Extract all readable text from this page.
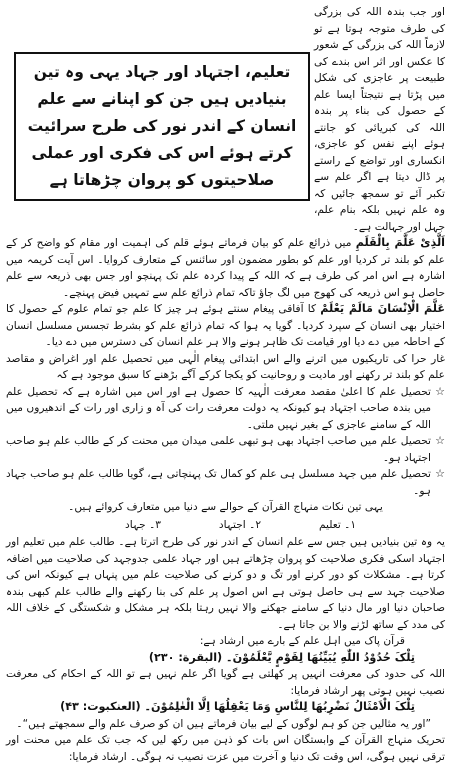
تعلیم، اجتہاد اور جہاد یہی وہ تین بنیادیں ہیں جن کو اپنانے سے علم انسان کے اندر نور کی طرح سرائیت کرتے ہوئے اس کی فکری اور عملی صلاحیتوں کو پروان چڑھاتا ہے

اور جب بندہ اللہ کی بزرگی کی طرف متوجہ ہوتا ہے تو لازماً اللہ کی بزرگی کے شعور کا عکس اور اثر اس بندے کی طبیعت پر عاجزی کی شکل میں پڑتا ہے نتیجتاً ایسا علم کے حصول کی بناء پر بندہ اللہ کی کبریائی کو جانتے ہوئے اپنے نفس کو عاجزی، انکساری اور تواضع کے راستے پر ڈال دیتا ہے اگر علم سے تکبر آئے تو سمجھ جائیں کہ وہ علم نہیں بلکہ بنام علم، جہل اور جہالت ہے۔

اَلَّذِیْ عَلَّمَ بِالْقَلَمِ میں ذرائع علم کو بیان فرماتے ہوئے قلم کی اہمیت اور مقام کو واضح کر کے علم کو بلند تر کردیا اور علم کو بطور مضمون اور سائنس کے متعارف کروایا۔ اس آیت کریمہ میں اشارہ ہے اس امر کی طرف ہے کہ اللہ کے پیدا کردہ علم تک پہنچو اور جس بھی ذریعہ سے علم حاصل ہو اس ذریعہ کی کھوج میں لگ جاؤ تاکہ تمام ذرائع علم سے تمہیں فیض پہنچے۔

عَلَّمَ الْاِنْسَانَ مَالَمْ یَعْلَمْ کا آفاقی پیغام سنتے ہوئے ہر چیز کا علم جو تمام علوم کے حصول کا اختیار بھی انسان کے سپرد کردیا۔ گویا یہ ہوا کہ تمام ذرائع علم کو بشرط تجسس مسلسل انسان کے احاطہ میں دے دیا اور قیامت تک ظاہر ہونے والا ہر علم انسان کی دسترس میں دے دیا۔

غار حرا کی تاریکیوں میں اترنے والے اس ابتدائی پیغام الٰہی میں تحصیل علم اور اغراض و مقاصد علم کو بلند تر رکھنے اور مادیت و روحانیت کو یکجا کرکے آگے بڑھنے کا سبق موجود ہے کہ

☆
تحصیل علم کا اعلیٰ مقصد معرفت الٰہیہ کا حصول ہے اور اس میں اشارہ ہے کہ تحصیل علم میں بندہ صاحب اجتہاد ہو کیونکہ یہ دولت معرفت رات کی آہ و زاری اور رات کے اندھیروں میں اللہ کے سامنے عاجزی کے بغیر نہیں ملتی۔
☆
تحصیل علم میں صاحب اجتہاد بھی ہو تبھی علمی میدان میں محنت کر کے طالب علم ہو صاحب اجتہاد ہو۔
☆
تحصیل علم میں جہد مسلسل ہی علم کو کمال تک پہنچاتی ہے، گویا طالب علم ہو صاحب جہاد ہو۔

یہی تین نکات منہاج القرآن کے حوالے سے دنیا میں متعارف کروائے ہیں۔

۱۔ تعلیم
۲۔ اجتہاد
۳۔ جہاد

یہ وہ تین بنیادیں ہیں جس سے علم انسان کے اندر نور کی طرح اترتا ہے۔ طالب علم میں تعلیم اور اجتہاد اسکی فکری صلاحیت کو پروان چڑھاتے ہیں اور جہاد علمی جدوجہد کی صلاحیت میں اضافہ کرتا ہے۔ مشکلات کو دور کرنے اور تگ و دو کرنے کی صلاحیت علم میں پنہاں ہے کیونکہ اس کی صلاحیت جہد سے ہی حاصل ہوتی ہے اس اصول پر علم کی بنا رکھنے والے طالب علم کبھی بندہ صاحبان دنیا اور مال دنیا کے سامنے جھکنے والا نہیں رہتا بلکہ ہر مشکل و شکستگی کے خلاف اللہ کی مدد کے ساتھ لڑنے والا بن جاتا ہے۔

قرآن پاک میں اہل علم کے بارے میں ارشاد ہے:

تِلْکَ حُدُوْدُ اللّٰهِ یُبَیِّنُهَا لِقَوْمٍ یَّعْلَمُوْنَ۔ (البقرة: ۲۳۰)

اللہ کی حدود کی معرفت انہیں پر کھلتی ہے گویا اگر علم نہیں ہے تو اللہ کے احکام کی معرفت نصیب نہیں ہوتی پھر ارشاد فرمایا:

تِلْکَ الْاَمْثَالُ نَضْرِبُهَا لِلنَّاسِ وَمَا یَعْقِلُهَا اِلَّا الْعٰلِمُوْنَ۔ (العنکبوت: ۴۳)

”اور یہ مثالیں جن کو ہم لوگوں کے لیے بیان فرماتے ہیں ان کو صرف علم والے سمجھتے ہیں“۔

تحریک منہاج القرآن کے وابستگان اس بات کو ذہن میں رکھ لیں کہ جب تک علم میں محنت اور ترقی نہیں ہوگی، اس وقت تک دنیا و آخرت میں عزت نصیب نہ ہوگی۔ ارشاد فرمایا:
